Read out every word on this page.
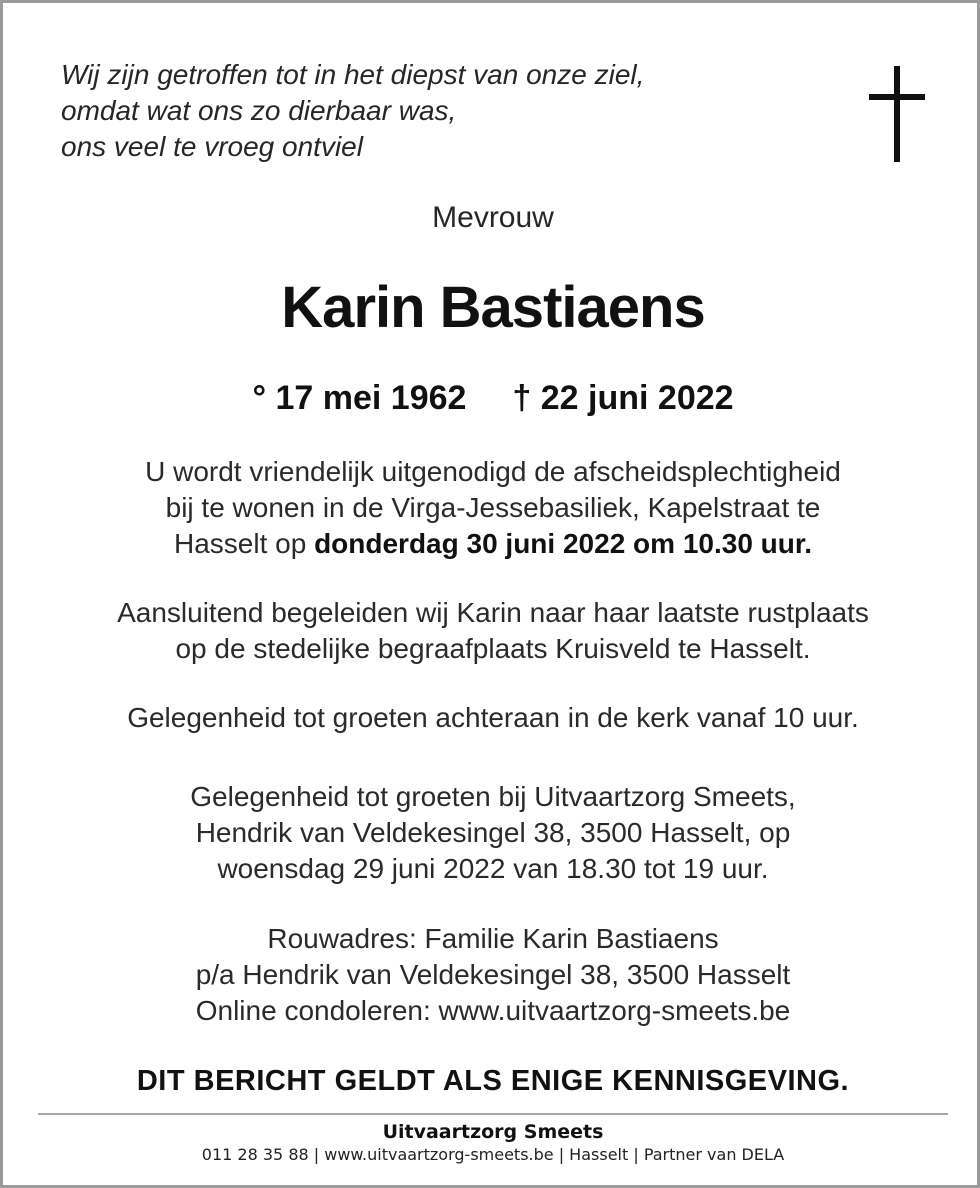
Wij zijn getroffen tot in het diepst van onze ziel,
omdat wat ons zo dierbaar was,
ons veel te vroeg ontviel
Mevrouw
Karin Bastiaens
° 17 mei 1962 † 22 juni 2022
U wordt vriendelijk uitgenodigd de afscheidsplechtigheid
bij te wonen in de Virga-Jessebasiliek, Kapelstraat te
Hasselt op donderdag 30 juni 2022 om 10.30 uur.
Aansluitend begeleiden wij Karin naar haar laatste rustplaats
op de stedelijke begraafplaats Kruisveld te Hasselt.
Gelegenheid tot groeten achteraan in de kerk vanaf 10 uur.
Gelegenheid tot groeten bij Uitvaartzorg Smeets,
Hendrik van Veldekesingel 38, 3500 Hasselt, op
woensdag 29 juni 2022 van 18.30 tot 19 uur.
Rouwadres: Familie Karin Bastiaens
p/a Hendrik van Veldekesingel 38, 3500 Hasselt
Online condoleren: www.uitvaartzorg-smeets.be
DIT BERICHT GELDT ALS ENIGE KENNISGEVING.
Uitvaartzorg Smeets
011 28 35 88 | www.uitvaartzorg-smeets.be | Hasselt | Partner van DELA
